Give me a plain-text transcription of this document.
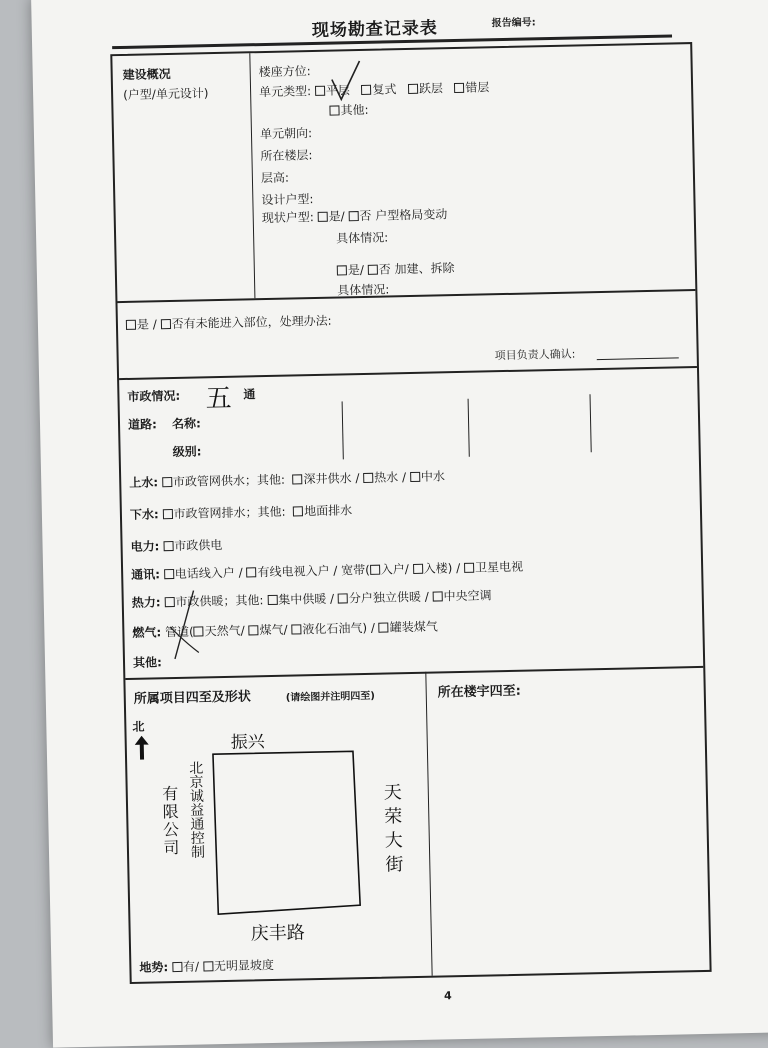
现场勘查记录表	报告编号:
建设概况
(户型/单元设计)
楼座方位:
单元类型: 平层 复式 跃层 错层
其他:
单元朝向:
所在楼层:
层高:
设计户型:
现状户型: 是/ 否 户型格局变动
具体情况:
是/ 否 加建、拆除
具体情况:
是 / 否有未能进入部位，处理办法:
项目负责人确认:
市政情况: 五 通
道路: 名称:
级别:
上水: 市政管网供水；其他: 深井供水 / 热水 / 中水
下水: 市政管网排水；其他: 地面排水
电力: 市政供电
通讯: 电话线入户 / 有线电视入户 / 宽带( 入户/ 入楼) / 卫星电视
热力: 市政供暖；其他: 集中供暖 / 分户独立供暖 / 中央空调
燃气: 管道( 天然气/ 煤气/ 液化石油气) / 罐装煤气
其他:
所属项目四至及形状	(请绘图并注明四至)	所在楼宇四至:
北
振兴
天荣大街
庆丰路
有限公司 北京诚益通控制
地势: 有/ 无明显坡度
4
